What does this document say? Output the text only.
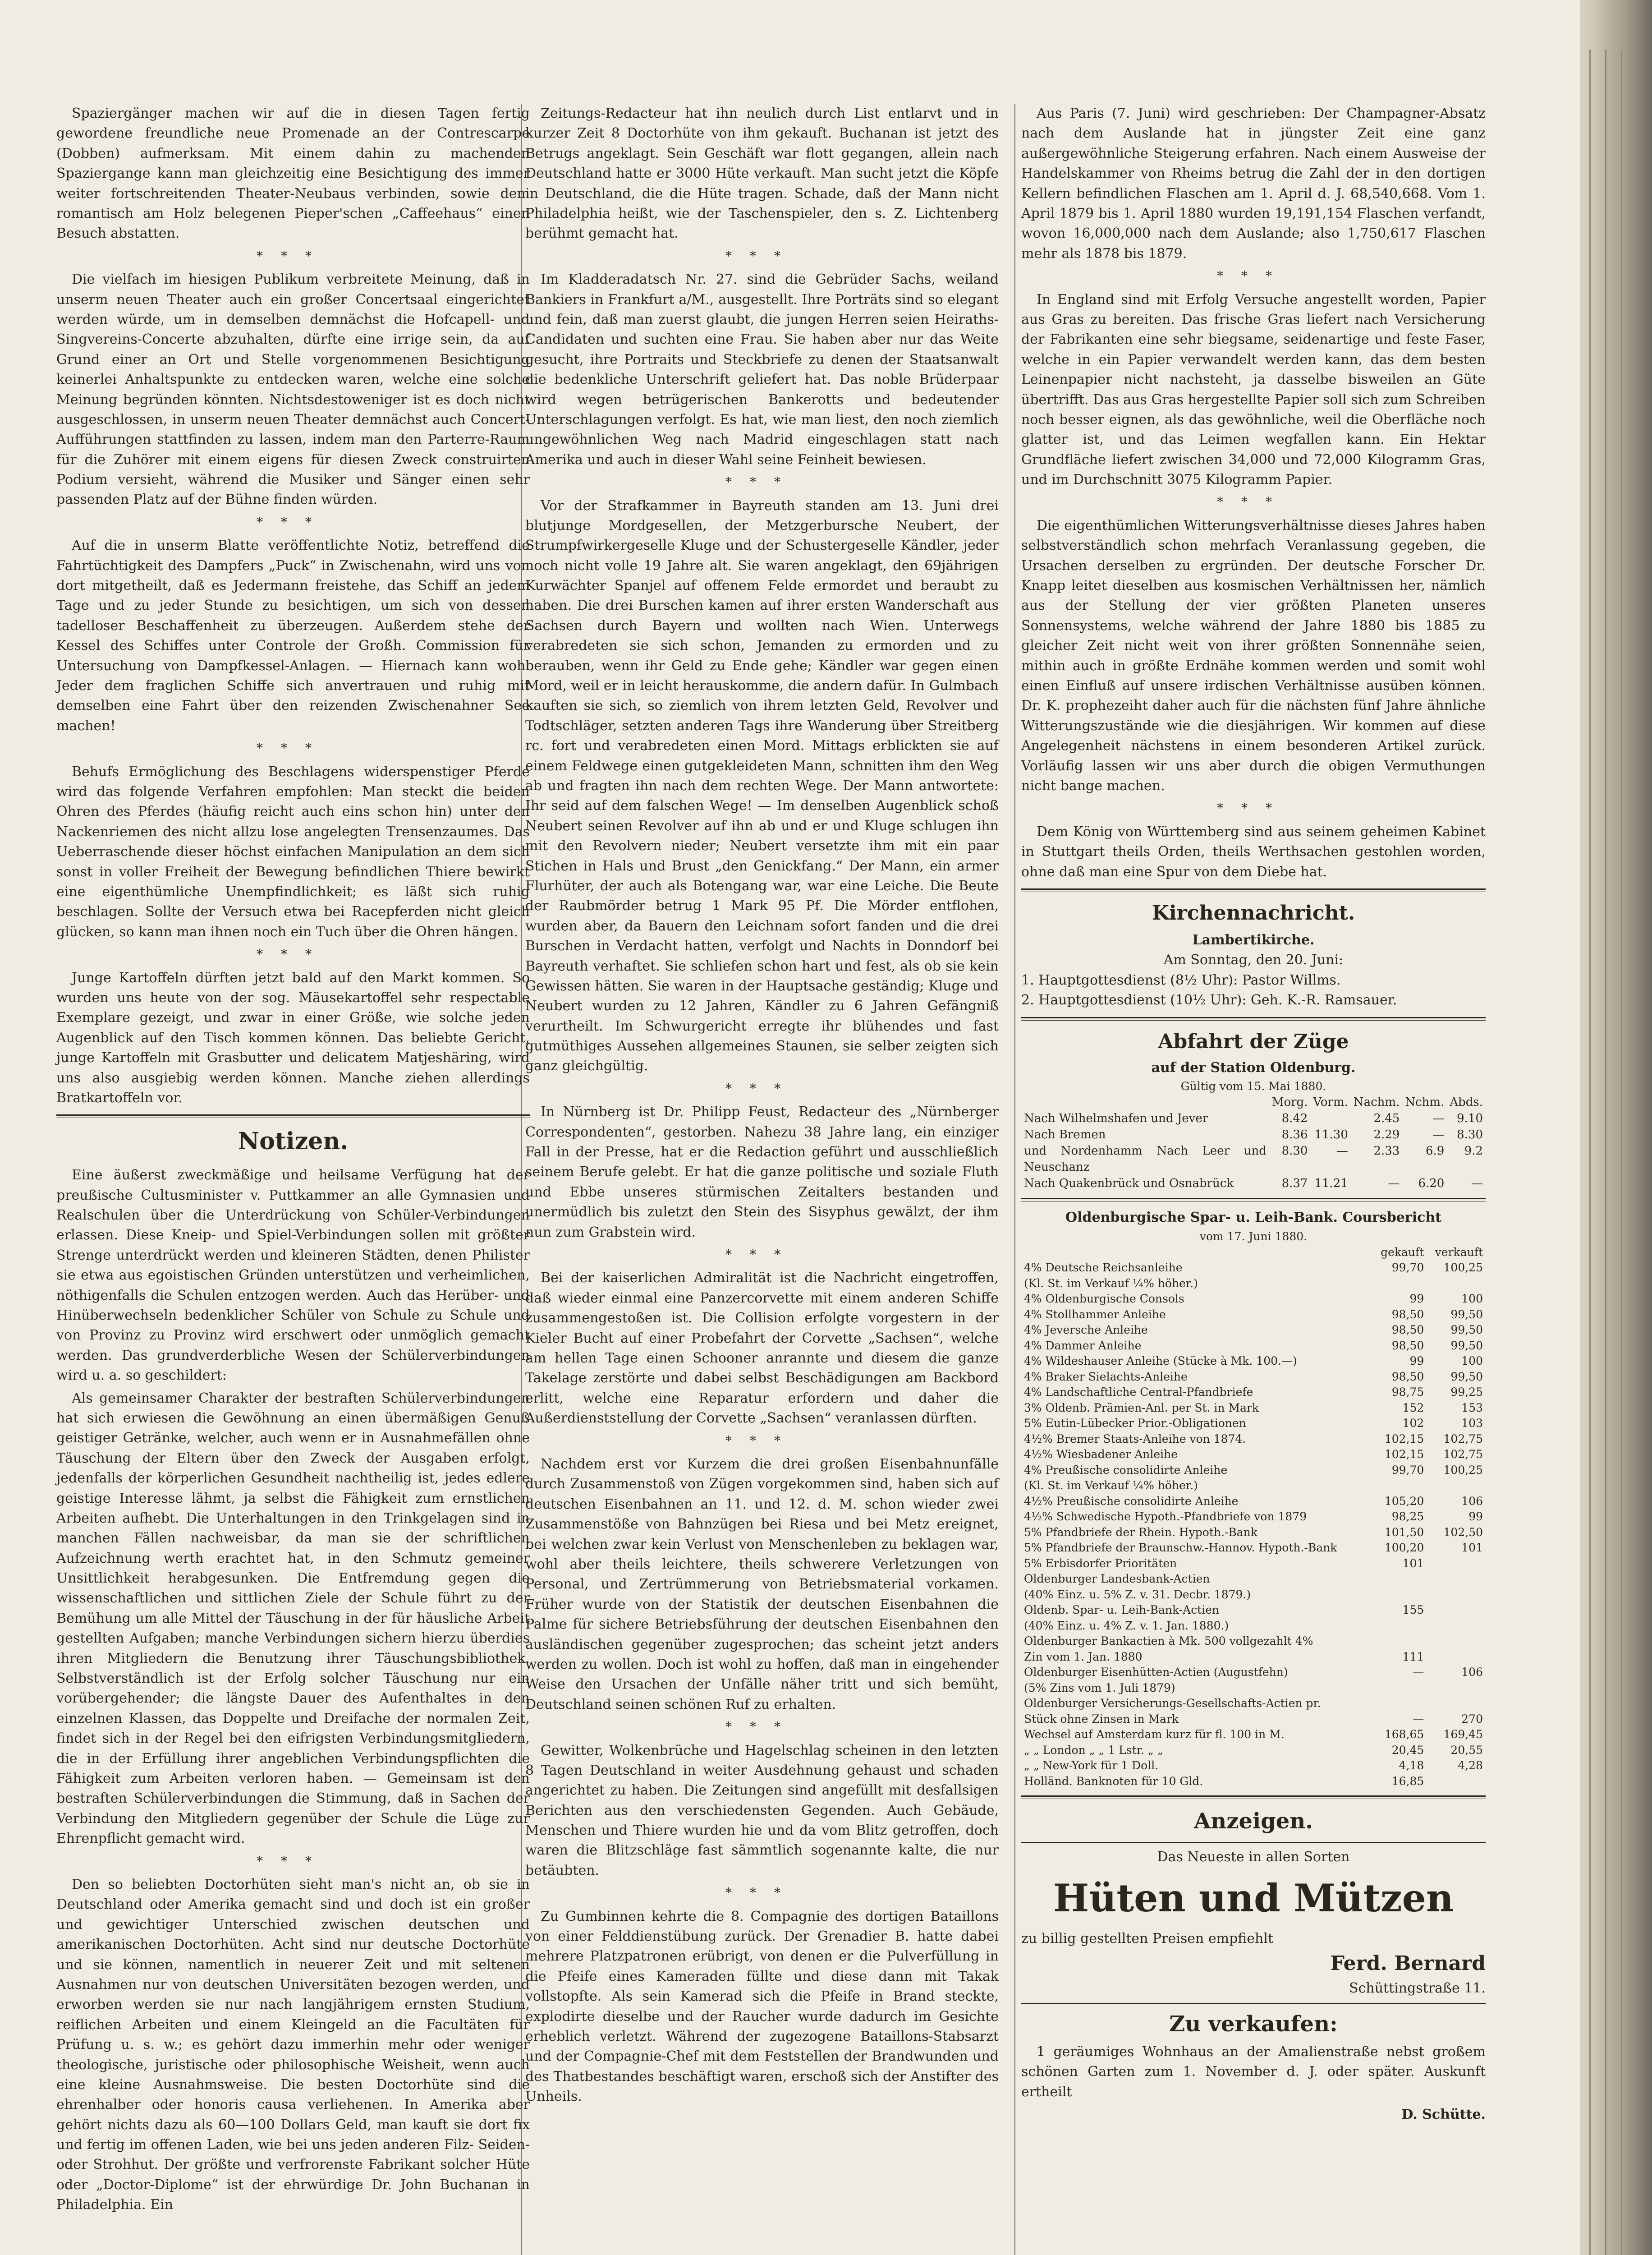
Spaziergänger machen wir auf die in diesen Tagen fertig gewordene freundliche neue Promenade an der Contrescarpe (Dobben) aufmerksam. Mit einem dahin zu machenden Spaziergange kann man gleichzeitig eine Besichtigung des immer weiter fortschreitenden Theater-Neubaus verbinden, sowie dem romantisch am Holz belegenen Pieper'schen „Caffeehaus“ einen Besuch abstatten.

***

Die vielfach im hiesigen Publikum verbreitete Meinung, daß in unserm neuen Theater auch ein großer Concertsaal eingerichtet werden würde, um in demselben demnächst die Hofcapell- und Singvereins-Concerte abzuhalten, dürfte eine irrige sein, da auf Grund einer an Ort und Stelle vorgenommenen Besichtigung keinerlei Anhaltspunkte zu entdecken waren, welche eine solche Meinung begründen könnten. Nichtsdestoweniger ist es doch nicht ausgeschlossen, in unserm neuen Theater demnächst auch Concert-Aufführungen stattfinden zu lassen, indem man den Parterre-Raum für die Zuhörer mit einem eigens für diesen Zweck construirten Podium versieht, während die Musiker und Sänger einen sehr passenden Platz auf der Bühne finden würden.

***

Auf die in unserm Blatte veröffentlichte Notiz, betreffend die Fahrtüchtigkeit des Dampfers „Puck“ in Zwischenahn, wird uns von dort mitgetheilt, daß es Jedermann freistehe, das Schiff an jedem Tage und zu jeder Stunde zu besichtigen, um sich von dessen tadelloser Beschaffenheit zu überzeugen. Außerdem stehe der Kessel des Schiffes unter Controle der Großh. Commission für Untersuchung von Dampfkessel-Anlagen. — Hiernach kann wohl Jeder dem fraglichen Schiffe sich anvertrauen und ruhig mit demselben eine Fahrt über den reizenden Zwischenahner See machen!

***

Behufs Ermöglichung des Beschlagens widerspenstiger Pferde wird das folgende Verfahren empfohlen: Man steckt die beiden Ohren des Pferdes (häufig reicht auch eins schon hin) unter den Nackenriemen des nicht allzu lose angelegten Trensenzaumes. Das Ueberraschende dieser höchst einfachen Manipulation an dem sich sonst in voller Freiheit der Bewegung befindlichen Thiere bewirkt eine eigenthümliche Unempfindlichkeit; es läßt sich ruhig beschlagen. Sollte der Versuch etwa bei Racepferden nicht gleich glücken, so kann man ihnen noch ein Tuch über die Ohren hängen.

***

Junge Kartoffeln dürften jetzt bald auf den Markt kommen. So wurden uns heute von der sog. Mäusekartoffel sehr respectable Exemplare gezeigt, und zwar in einer Größe, wie solche jeden Augenblick auf den Tisch kommen können. Das beliebte Gericht, junge Kartoffeln mit Grasbutter und delicatem Matjeshäring, wird uns also ausgiebig werden können. Manche ziehen allerdings Bratkartoffeln vor.

Notizen.

Eine äußerst zweckmäßige und heilsame Verfügung hat der preußische Cultusminister v. Puttkammer an alle Gymnasien und Realschulen über die Unterdrückung von Schüler-Verbindungen erlassen. Diese Kneip- und Spiel-Verbindungen sollen mit größter Strenge unterdrückt werden und kleineren Städten, denen Philister sie etwa aus egoistischen Gründen unterstützen und verheimlichen, nöthigenfalls die Schulen entzogen werden. Auch das Herüber- und Hinüberwechseln bedenklicher Schüler von Schule zu Schule und von Provinz zu Provinz wird erschwert oder unmöglich gemacht werden. Das grundverderbliche Wesen der Schülerverbindungen wird u. a. so geschildert:

Als gemeinsamer Charakter der bestraften Schülerverbindungen hat sich erwiesen die Gewöhnung an einen übermäßigen Genuß geistiger Getränke, welcher, auch wenn er in Ausnahmefällen ohne Täuschung der Eltern über den Zweck der Ausgaben erfolgt, jedenfalls der körperlichen Gesundheit nachtheilig ist, jedes edlere geistige Interesse lähmt, ja selbst die Fähigkeit zum ernstlichen Arbeiten aufhebt. Die Unterhaltungen in den Trinkgelagen sind in manchen Fällen nachweisbar, da man sie der schriftlichen Aufzeichnung werth erachtet hat, in den Schmutz gemeiner Unsittlichkeit herabgesunken. Die Entfremdung gegen die wissenschaftlichen und sittlichen Ziele der Schule führt zu der Bemühung um alle Mittel der Täuschung in der für häusliche Arbeit gestellten Aufgaben; manche Verbindungen sichern hierzu überdies ihren Mitgliedern die Benutzung ihrer Täuschungsbibliothek. Selbstverständlich ist der Erfolg solcher Täuschung nur ein vorübergehender; die längste Dauer des Aufenthaltes in den einzelnen Klassen, das Doppelte und Dreifache der normalen Zeit, findet sich in der Regel bei den eifrigsten Verbindungsmitgliedern, die in der Erfüllung ihrer angeblichen Verbindungspflichten die Fähigkeit zum Arbeiten verloren haben. — Gemeinsam ist den bestraften Schülerverbindungen die Stimmung, daß in Sachen der Verbindung den Mitgliedern gegenüber der Schule die Lüge zur Ehrenpflicht gemacht wird.

***

Den so beliebten Doctorhüten sieht man's nicht an, ob sie in Deutschland oder Amerika gemacht sind und doch ist ein großer und gewichtiger Unterschied zwischen deutschen und amerikanischen Doctorhüten. Acht sind nur deutsche Doctorhüte und sie können, namentlich in neuerer Zeit und mit seltenen Ausnahmen nur von deutschen Universitäten bezogen werden, und erworben werden sie nur nach langjährigem ernsten Studium, reiflichen Arbeiten und einem Kleingeld an die Facultäten für Prüfung u. s. w.; es gehört dazu immerhin mehr oder weniger theologische, juristische oder philosophische Weisheit, wenn auch eine kleine Ausnahmsweise. Die besten Doctorhüte sind die ehrenhalber oder honoris causa verliehenen. In Amerika aber gehört nichts dazu als 60—100 Dollars Geld, man kauft sie dort fix und fertig im offenen Laden, wie bei uns jeden anderen Filz- Seiden- oder Strohhut. Der größte und verfrorenste Fabrikant solcher Hüte oder „Doctor-Diplome“ ist der ehrwürdige Dr. John Buchanan in Philadelphia. Ein

Zeitungs-Redacteur hat ihn neulich durch List entlarvt und in kurzer Zeit 8 Doctorhüte von ihm gekauft. Buchanan ist jetzt des Betrugs angeklagt. Sein Geschäft war flott gegangen, allein nach Deutschland hatte er 3000 Hüte verkauft. Man sucht jetzt die Köpfe in Deutschland, die die Hüte tragen. Schade, daß der Mann nicht Philadelphia heißt, wie der Taschenspieler, den s. Z. Lichtenberg berühmt gemacht hat.

***

Im Kladderadatsch Nr. 27. sind die Gebrüder Sachs, weiland Bankiers in Frankfurt a/M., ausgestellt. Ihre Porträts sind so elegant und fein, daß man zuerst glaubt, die jungen Herren seien Heiraths-Candidaten und suchten eine Frau. Sie haben aber nur das Weite gesucht, ihre Portraits und Steckbriefe zu denen der Staatsanwalt die bedenkliche Unterschrift geliefert hat. Das noble Brüderpaar wird wegen betrügerischen Bankerotts und bedeutender Unterschlagungen verfolgt. Es hat, wie man liest, den noch ziemlich ungewöhnlichen Weg nach Madrid eingeschlagen statt nach Amerika und auch in dieser Wahl seine Feinheit bewiesen.

***

Vor der Strafkammer in Bayreuth standen am 13. Juni drei blutjunge Mordgesellen, der Metzgerbursche Neubert, der Strumpfwirkergeselle Kluge und der Schustergeselle Kändler, jeder noch nicht volle 19 Jahre alt. Sie waren angeklagt, den 69jährigen Kurwächter Spanjel auf offenem Felde ermordet und beraubt zu haben. Die drei Burschen kamen auf ihrer ersten Wanderschaft aus Sachsen durch Bayern und wollten nach Wien. Unterwegs verabredeten sie sich schon, Jemanden zu ermorden und zu berauben, wenn ihr Geld zu Ende gehe; Kändler war gegen einen Mord, weil er in leicht herauskomme, die andern dafür. In Gulmbach kauften sie sich, so ziemlich von ihrem letzten Geld, Revolver und Todtschläger, setzten anderen Tags ihre Wanderung über Streitberg rc. fort und verabredeten einen Mord. Mittags erblickten sie auf einem Feldwege einen gutgekleideten Mann, schnitten ihm den Weg ab und fragten ihn nach dem rechten Wege. Der Mann antwortete: Ihr seid auf dem falschen Wege! — Im denselben Augenblick schoß Neubert seinen Revolver auf ihn ab und er und Kluge schlugen ihn mit den Revolvern nieder; Neubert versetzte ihm mit ein paar Stichen in Hals und Brust „den Genickfang.“ Der Mann, ein armer Flurhüter, der auch als Botengang war, war eine Leiche. Die Beute der Raubmörder betrug 1 Mark 95 Pf. Die Mörder entflohen, wurden aber, da Bauern den Leichnam sofort fanden und die drei Burschen in Verdacht hatten, verfolgt und Nachts in Donndorf bei Bayreuth verhaftet. Sie schliefen schon hart und fest, als ob sie kein Gewissen hätten. Sie waren in der Hauptsache geständig; Kluge und Neubert wurden zu 12 Jahren, Kändler zu 6 Jahren Gefängniß verurtheilt. Im Schwurgericht erregte ihr blühendes und fast gutmüthiges Aussehen allgemeines Staunen, sie selber zeigten sich ganz gleichgültig.

***

In Nürnberg ist Dr. Philipp Feust, Redacteur des „Nürnberger Correspondenten“, gestorben. Nahezu 38 Jahre lang, ein einziger Fall in der Presse, hat er die Redaction geführt und ausschließlich seinem Berufe gelebt. Er hat die ganze politische und soziale Fluth und Ebbe unseres stürmischen Zeitalters bestanden und unermüdlich bis zuletzt den Stein des Sisyphus gewälzt, der ihm nun zum Grabstein wird.

***

Bei der kaiserlichen Admiralität ist die Nachricht eingetroffen, daß wieder einmal eine Panzercorvette mit einem anderen Schiffe zusammengestoßen ist. Die Collision erfolgte vorgestern in der Kieler Bucht auf einer Probefahrt der Corvette „Sachsen“, welche am hellen Tage einen Schooner anrannte und diesem die ganze Takelage zerstörte und dabei selbst Beschädigungen am Backbord erlitt, welche eine Reparatur erfordern und daher die Außerdienststellung der Corvette „Sachsen“ veranlassen dürften.

***

Nachdem erst vor Kurzem die drei großen Eisenbahnunfälle durch Zusammenstoß von Zügen vorgekommen sind, haben sich auf deutschen Eisenbahnen an 11. und 12. d. M. schon wieder zwei Zusammenstöße von Bahnzügen bei Riesa und bei Metz ereignet, bei welchen zwar kein Verlust von Menschenleben zu beklagen war, wohl aber theils leichtere, theils schwerere Verletzungen von Personal, und Zertrümmerung von Betriebsmaterial vorkamen. Früher wurde von der Statistik der deutschen Eisenbahnen die Palme für sichere Betriebsführung der deutschen Eisenbahnen den ausländischen gegenüber zugesprochen; das scheint jetzt anders werden zu wollen. Doch ist wohl zu hoffen, daß man in eingehender Weise den Ursachen der Unfälle näher tritt und sich bemüht, Deutschland seinen schönen Ruf zu erhalten.

***

Gewitter, Wolkenbrüche und Hagelschlag scheinen in den letzten 8 Tagen Deutschland in weiter Ausdehnung gehaust und schaden angerichtet zu haben. Die Zeitungen sind angefüllt mit desfallsigen Berichten aus den verschiedensten Gegenden. Auch Gebäude, Menschen und Thiere wurden hie und da vom Blitz getroffen, doch waren die Blitzschläge fast sämmtlich sogenannte kalte, die nur betäubten.

***

Zu Gumbinnen kehrte die 8. Compagnie des dortigen Bataillons von einer Felddienstübung zurück. Der Grenadier B. hatte dabei mehrere Platzpatronen erübrigt, von denen er die Pulverfüllung in die Pfeife eines Kameraden füllte und diese dann mit Takak vollstopfte. Als sein Kamerad sich die Pfeife in Brand steckte, explodirte dieselbe und der Raucher wurde dadurch im Gesichte erheblich verletzt. Während der zugezogene Bataillons-Stabsarzt und der Compagnie-Chef mit dem Feststellen der Brandwunden und des Thatbestandes beschäftigt waren, erschoß sich der Anstifter des Unheils.

Aus Paris (7. Juni) wird geschrieben: Der Champagner-Absatz nach dem Auslande hat in jüngster Zeit eine ganz außergewöhnliche Steigerung erfahren. Nach einem Ausweise der Handelskammer von Rheims betrug die Zahl der in den dortigen Kellern befindlichen Flaschen am 1. April d. J. 68,540,668. Vom 1. April 1879 bis 1. April 1880 wurden 19,191,154 Flaschen verfandt, wovon 16,000,000 nach dem Auslande; also 1,750,617 Flaschen mehr als 1878 bis 1879.

***

In England sind mit Erfolg Versuche angestellt worden, Papier aus Gras zu bereiten. Das frische Gras liefert nach Versicherung der Fabrikanten eine sehr biegsame, seidenartige und feste Faser, welche in ein Papier verwandelt werden kann, das dem besten Leinenpapier nicht nachsteht, ja dasselbe bisweilen an Güte übertrifft. Das aus Gras hergestellte Papier soll sich zum Schreiben noch besser eignen, als das gewöhnliche, weil die Oberfläche noch glatter ist, und das Leimen wegfallen kann. Ein Hektar Grundfläche liefert zwischen 34,000 und 72,000 Kilogramm Gras, und im Durchschnitt 3075 Kilogramm Papier.

***

Die eigenthümlichen Witterungsverhältnisse dieses Jahres haben selbstverständlich schon mehrfach Veranlassung gegeben, die Ursachen derselben zu ergründen. Der deutsche Forscher Dr. Knapp leitet dieselben aus kosmischen Verhältnissen her, nämlich aus der Stellung der vier größten Planeten unseres Sonnensystems, welche während der Jahre 1880 bis 1885 zu gleicher Zeit nicht weit von ihrer größten Sonnennähe seien, mithin auch in größte Erdnähe kommen werden und somit wohl einen Einfluß auf unsere irdischen Verhältnisse ausüben können. Dr. K. prophezeiht daher auch für die nächsten fünf Jahre ähnliche Witterungszustände wie die diesjährigen. Wir kommen auf diese Angelegenheit nächstens in einem besonderen Artikel zurück. Vorläufig lassen wir uns aber durch die obigen Vermuthungen nicht bange machen.

***

Dem König von Württemberg sind aus seinem geheimen Kabinet in Stuttgart theils Orden, theils Werthsachen gestohlen worden, ohne daß man eine Spur von dem Diebe hat.

Kirchennachricht.
Lambertikirche.
Am Sonntag, den 20. Juni:
1. Hauptgottesdienst (8½ Uhr): Pastor Willms.
2. Hauptgottesdienst (10½ Uhr): Geh. K.-R. Ramsauer.
Abfahrt der Züge
auf der Station Oldenburg.
Gültig vom 15. Mai 1880.
	Morg.	Vorm.	Nachm.	Nchm.	Abds.
Nach Wilhelmshafen und Jever	8.42		2.45	—	9.10
Nach Bremen	8.36	11.30	2.29	—	8.30
und Nordenhamm Nach Leer und Neuschanz	8.30	—	2.33	6.9	9.2
Nach Quakenbrück und Osnabrück	8.37	11.21	—	6.20	—
Oldenburgische Spar- u. Leih-Bank. Coursbericht
vom 17. Juni 1880.
	gekauft	verkauft
4% Deutsche Reichsanleihe	99,70	100,25
(Kl. St. im Verkauf ¼% höher.)		
4% Oldenburgische Consols	99	100
4% Stollhammer Anleihe	98,50	99,50
4% Jeversche Anleihe	98,50	99,50
4% Dammer Anleihe	98,50	99,50
4% Wildeshauser Anleihe (Stücke à Mk. 100.—)	99	100
4% Braker Sielachts-Anleihe	98,50	99,50
4% Landschaftliche Central-Pfandbriefe	98,75	99,25
3% Oldenb. Prämien-Anl. per St. in Mark	152	153
5% Eutin-Lübecker Prior.-Obligationen	102	103
4½% Bremer Staats-Anleihe von 1874.	102,15	102,75
4½% Wiesbadener Anleihe	102,15	102,75
4% Preußische consolidirte Anleihe	99,70	100,25
(Kl. St. im Verkauf ¼% höher.)		
4½% Preußische consolidirte Anleihe	105,20	106
4½% Schwedische Hypoth.-Pfandbriefe von 1879	98,25	99
5% Pfandbriefe der Rhein. Hypoth.-Bank	101,50	102,50
5% Pfandbriefe der Braunschw.-Hannov. Hypoth.-Bank	100,20	101
5% Erbisdorfer Prioritäten	101	
Oldenburger Landesbank-Actien		
(40% Einz. u. 5% Z. v. 31. Decbr. 1879.)		
Oldenb. Spar- u. Leih-Bank-Actien	155	
(40% Einz. u. 4% Z. v. 1. Jan. 1880.)		
Oldenburger Bankactien à Mk. 500 vollgezahlt 4%		
Zin vom 1. Jan. 1880	111	
Oldenburger Eisenhütten-Actien (Augustfehn)	—	106
(5% Zins vom 1. Juli 1879)		
Oldenburger Versicherungs-Gesellschafts-Actien pr.		
Stück ohne Zinsen in Mark	—	270
Wechsel auf Amsterdam kurz für fl. 100 in M.	168,65	169,45
„ „ London „ „ 1 Lstr. „ „	20,45	20,55
„ „ New-York für 1 Doll.	4,18	4,28
Holländ. Banknoten für 10 Gld.	16,85	
Anzeigen.
Das Neueste in allen Sorten
Hüten und Mützen
zu billig gestellten Preisen empfiehlt
Ferd. Bernard
Schüttingstraße 11.
Zu verkaufen:

1 geräumiges Wohnhaus an der Amalienstraße nebst großem schönen Garten zum 1. November d. J. oder später. Auskunft ertheilt

D. Schütte.
